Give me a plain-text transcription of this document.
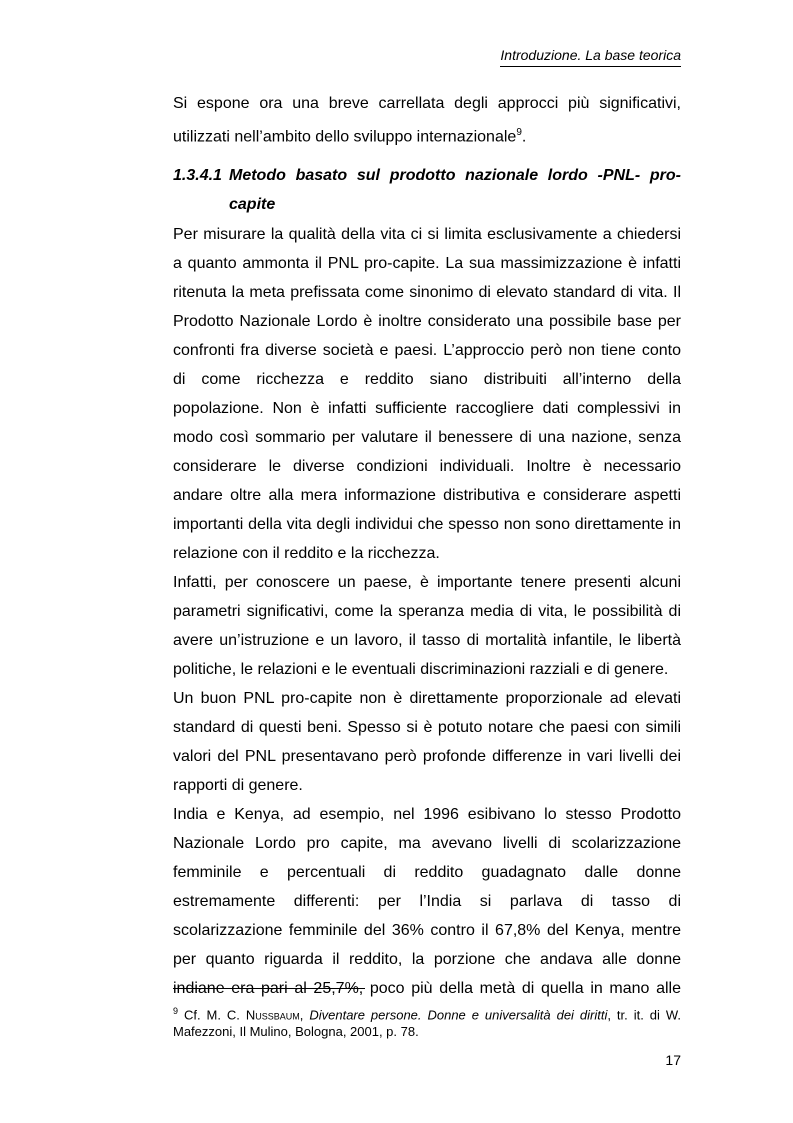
Introduzione. La base teorica
Si espone ora una breve carrellata degli approcci più significativi,
utilizzati nell’ambito dello sviluppo internazionale$^9$.
1.3.4.1 Metodo basato sul prodotto nazionale lordo -PNL- pro-
capite
Per misurare la qualità della vita ci si limita esclusivamente a chiedersi
a quanto ammonta il PNL pro-capite. La sua massimizzazione è infatti
ritenuta la meta prefissata come sinonimo di elevato standard di vita. Il
Prodotto Nazionale Lordo è inoltre considerato una possibile base per
confronti fra diverse società e paesi. L’approccio però non tiene conto
di come ricchezza e reddito siano distribuiti all’interno della
popolazione. Non è infatti sufficiente raccogliere dati complessivi in
modo così sommario per valutare il benessere di una nazione, senza
considerare le diverse condizioni individuali. Inoltre è necessario
andare oltre alla mera informazione distributiva e considerare aspetti
importanti della vita degli individui che spesso non sono direttamente in
relazione con il reddito e la ricchezza.
Infatti, per conoscere un paese, è importante tenere presenti alcuni
parametri significativi, come la speranza media di vita, le possibilità di
avere un’istruzione e un lavoro, il tasso di mortalità infantile, le libertà
politiche, le relazioni e le eventuali discriminazioni razziali e di genere.
Un buon PNL pro-capite non è direttamente proporzionale ad elevati
standard di questi beni. Spesso si è potuto notare che paesi con simili
valori del PNL presentavano però profonde differenze in vari livelli dei
rapporti di genere.
India e Kenya, ad esempio, nel 1996 esibivano lo stesso Prodotto
Nazionale Lordo pro capite, ma avevano livelli di scolarizzazione
femminile e percentuali di reddito guadagnato dalle donne
estremamente differenti: per l’India si parlava di tasso di
scolarizzazione femminile del 36% contro il 67,8% del Kenya, mentre
per quanto riguarda il reddito, la porzione che andava alle donne
indiane era pari al 25,7%, poco più della metà di quella in mano alle
$^9$ Cf. M. C. Nussbaum, Diventare persone. Donne e universalità dei diritti, tr. it. di W.
Mafezzoni, Il Mulino, Bologna, 2001, p. 78.
17
